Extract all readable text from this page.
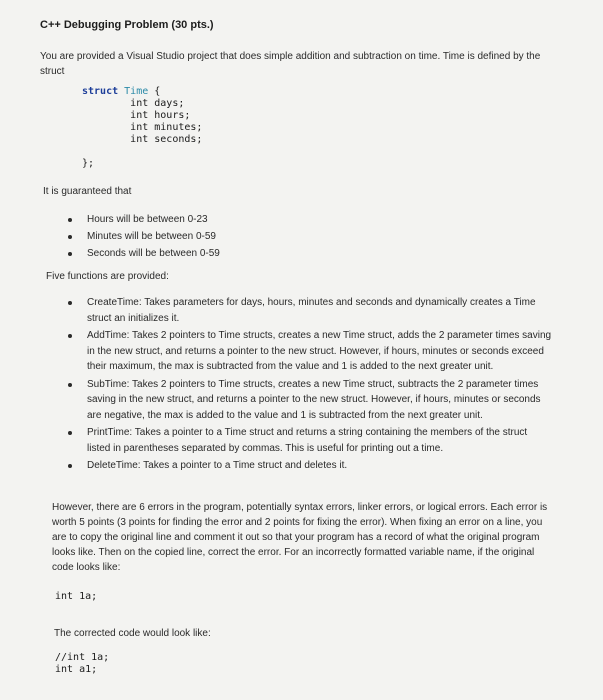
C++ Debugging Problem (30 pts.)
You are provided a Visual Studio project that does simple addition and subtraction on time. Time is defined by the struct
struct Time {
int days;
int hours;
int minutes;
int seconds;

};
It is guaranteed that
Hours will be between 0-23
Minutes will be between 0-59
Seconds will be between 0-59
Five functions are provided:
CreateTime: Takes parameters for days, hours, minutes and seconds and dynamically creates a Time struct an initializes it.
AddTime: Takes 2 pointers to Time structs, creates a new Time struct, adds the 2 parameter times saving in the new struct, and returns a pointer to the new struct. However, if hours, minutes or seconds exceed their maximum, the max is subtracted from the value and 1 is added to the next greater unit.
SubTime: Takes 2 pointers to Time structs, creates a new Time struct, subtracts the 2 parameter times saving in the new struct, and returns a pointer to the new struct. However, if hours, minutes or seconds are negative, the max is added to the value and 1 is subtracted from the next greater unit.
PrintTime: Takes a pointer to a Time struct and returns a string containing the members of the struct listed in parentheses separated by commas. This is useful for printing out a time.
DeleteTime: Takes a pointer to a Time struct and deletes it.
However, there are 6 errors in the program, potentially syntax errors, linker errors, or logical errors. Each error is worth 5 points (3 points for finding the error and 2 points for fixing the error). When fixing an error on a line, you are to copy the original line and comment it out so that your program has a record of what the original program looks like. Then on the copied line, correct the error. For an incorrectly formatted variable name, if the original code looks like:
int 1a;
The corrected code would look like:
//int 1a;
int a1;
